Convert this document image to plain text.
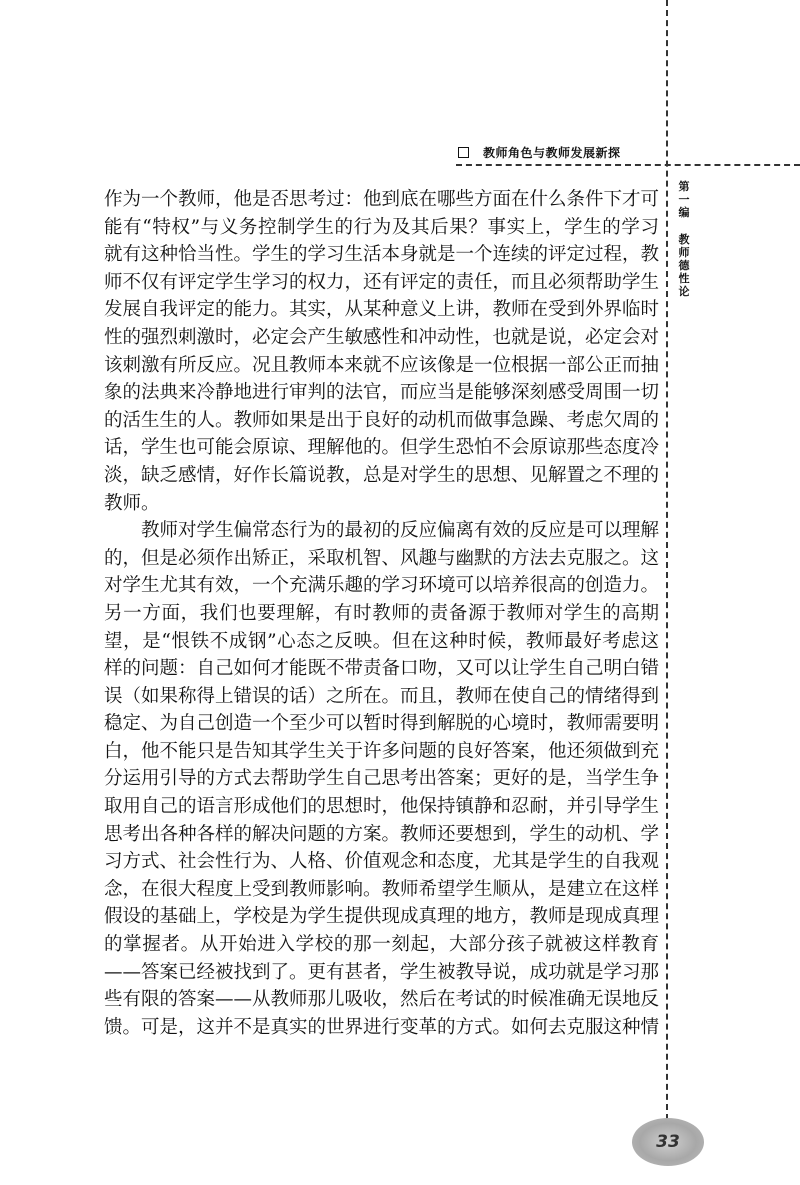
教师角色与教师发展新探
第一编
教师德性论

作为一个教师，他是否思考过：他到底在哪些方面在什么条件下才可能有“特权”与义务控制学生的行为及其后果？事实上，学生的学习就有这种恰当性。学生的学习生活本身就是一个连续的评定过程，教师不仅有评定学生学习的权力，还有评定的责任，而且必须帮助学生发展自我评定的能力。其实，从某种意义上讲，教师在受到外界临时性的强烈刺激时，必定会产生敏感性和冲动性，也就是说，必定会对该刺激有所反应。况且教师本来就不应该像是一位根据一部公正而抽象的法典来冷静地进行审判的法官，而应当是能够深刻感受周围一切的活生生的人。教师如果是出于良好的动机而做事急躁、考虑欠周的话，学生也可能会原谅、理解他的。但学生恐怕不会原谅那些态度冷淡，缺乏感情，好作长篇说教，总是对学生的思想、见解置之不理的教师。

教师对学生偏常态行为的最初的反应偏离有效的反应是可以理解的，但是必须作出矫正，采取机智、风趣与幽默的方法去克服之。这对学生尤其有效，一个充满乐趣的学习环境可以培养很高的创造力。另一方面，我们也要理解，有时教师的责备源于教师对学生的高期望，是“恨铁不成钢”心态之反映。但在这种时候，教师最好考虑这样的问题：自己如何才能既不带责备口吻，又可以让学生自己明白错误（如果称得上错误的话）之所在。而且，教师在使自己的情绪得到稳定、为自己创造一个至少可以暂时得到解脱的心境时，教师需要明白，他不能只是告知其学生关于许多问题的良好答案，他还须做到充分运用引导的方式去帮助学生自己思考出答案；更好的是，当学生争取用自己的语言形成他们的思想时，他保持镇静和忍耐，并引导学生思考出各种各样的解决问题的方案。教师还要想到，学生的动机、学习方式、社会性行为、人格、价值观念和态度，尤其是学生的自我观念，在很大程度上受到教师影响。教师希望学生顺从，是建立在这样假设的基础上，学校是为学生提供现成真理的地方，教师是现成真理的掌握者。从开始进入学校的那一刻起，大部分孩子就被这样教育——答案已经被找到了。更有甚者，学生被教导说，成功就是学习那些有限的答案——从教师那儿吸收，然后在考试的时候准确无误地反馈。可是，这并不是真实的世界进行变革的方式。如何去克服这种情

33
